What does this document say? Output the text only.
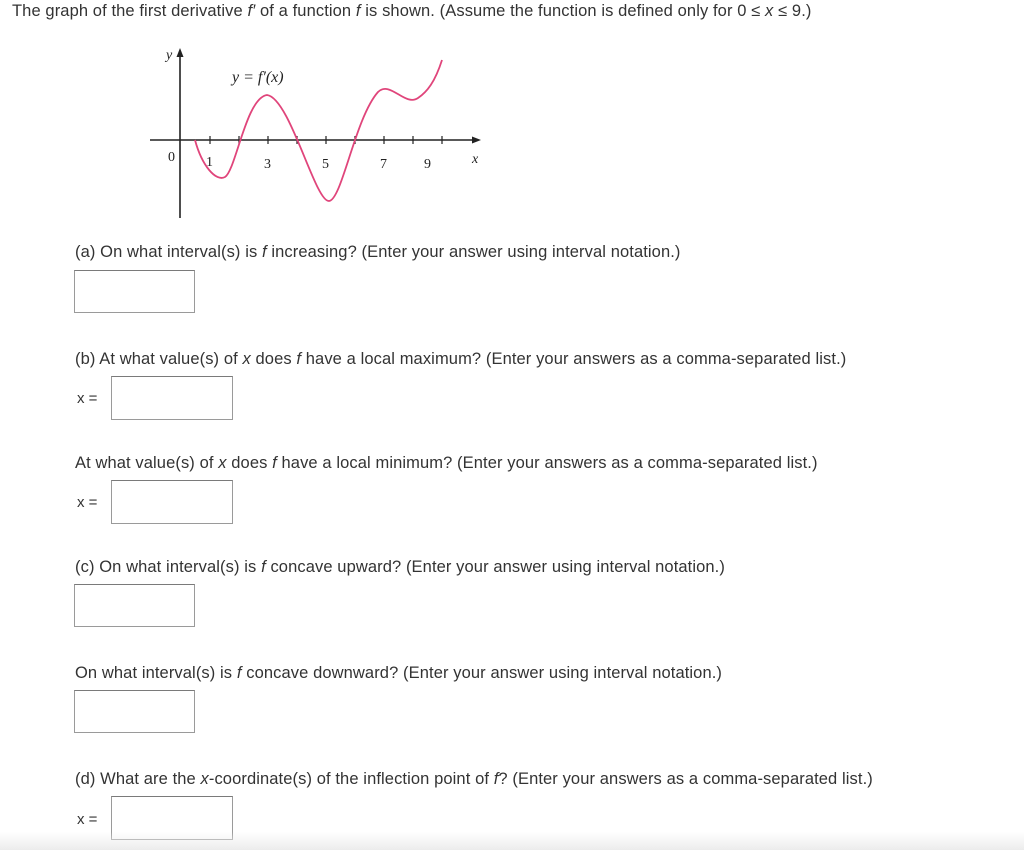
The graph of the first derivative f′ of a function f is shown. (Assume the function is defined only for 0 ≤ x ≤ 9.)
0 1	3	5	7	9	x
y
y = f′(x)
(a) On what interval(s) is f increasing? (Enter your answer using interval notation.)
(b) At what value(s) of x does f have a local maximum? (Enter your answers as a comma-separated list.)
x =
At what value(s) of x does f have a local minimum? (Enter your answers as a comma-separated list.)
x =
(c) On what interval(s) is f concave upward? (Enter your answer using interval notation.)
On what interval(s) is f concave downward? (Enter your answer using interval notation.)
(d) What are the x-coordinate(s) of the inflection point of f? (Enter your answers as a comma-separated list.)
x =
